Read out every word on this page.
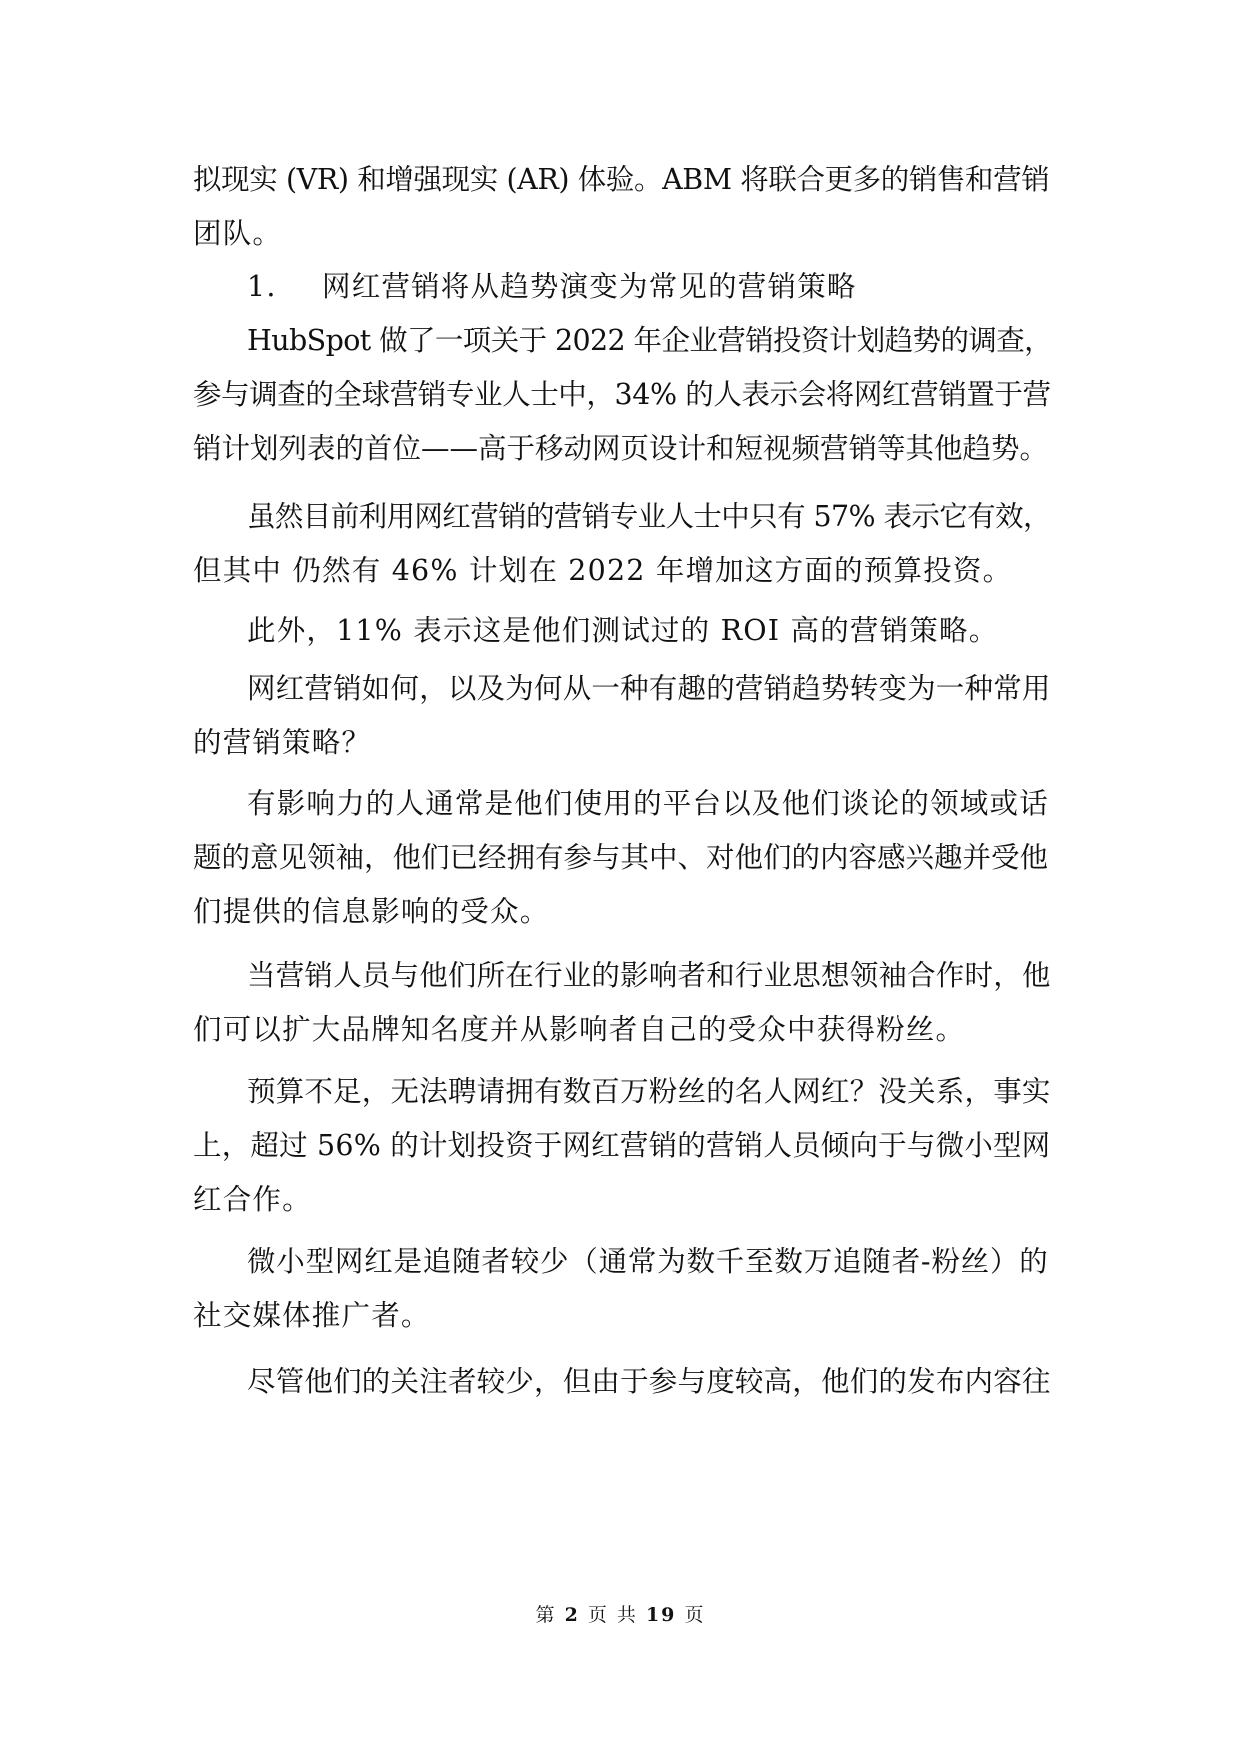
拟现实 (VR) 和增强现实 (AR) 体验。ABM 将联合更多的销售和营销
团队。
1. 网红营销将从趋势演变为常见的营销策略
HubSpot 做了一项关于 2022 年企业营销投资计划趋势的调查，
参与调查的全球营销专业人士中，34% 的人表示会将网红营销置于营
销计划列表的首位——高于移动网页设计和短视频营销等其他趋势。
虽然目前利用网红营销的营销专业人士中只有 57% 表示它有效，
但其中 仍然有 46% 计划在 2022 年增加这方面的预算投资。
此外，11% 表示这是他们测试过的 ROI 高的营销策略。
网红营销如何，以及为何从一种有趣的营销趋势转变为一种常用
的营销策略？
有影响力的人通常是他们使用的平台以及他们谈论的领域或话
题的意见领袖，他们已经拥有参与其中、对他们的内容感兴趣并受他
们提供的信息影响的受众。
当营销人员与他们所在行业的影响者和行业思想领袖合作时，他
们可以扩大品牌知名度并从影响者自己的受众中获得粉丝。
预算不足，无法聘请拥有数百万粉丝的名人网红？没关系，事实
上，超过 56% 的计划投资于网红营销的营销人员倾向于与微小型网
红合作。
微小型网红是追随者较少（通常为数千至数万追随者-粉丝）的
社交媒体推广者。
尽管他们的关注者较少，但由于参与度较高，他们的发布内容往
第 2 页 共 19 页
